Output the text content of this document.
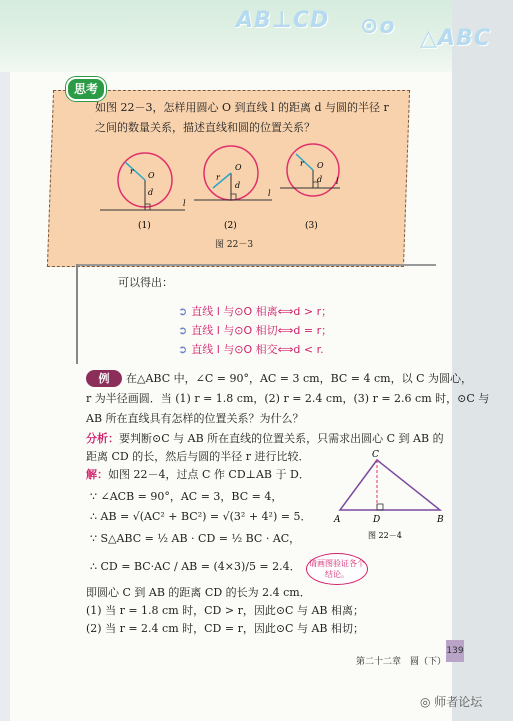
AB⊥CD ⊙o △ABC
思考
如图 22－3，怎样用圆心 O 到直线 l 的距离 d 与圆的半径 r 之间的数量关系，描述直线和圆的位置关系？
O
r
d
l
(1)
O
r
d
l
(2)
O
r
d l
(3)
图 22－3
可以得出：
➲ 直线 l 与⊙O 相离⟺d > r；
➲ 直线 l 与⊙O 相切⟺d = r；
➲ 直线 l 与⊙O 相交⟺d < r.
例	在△ABC 中，∠C = 90°，AC = 3 cm，BC = 4 cm，以 C 为圆心，
r 为半径画圆．当 (1) r = 1.8 cm，(2) r = 2.4 cm，(3) r = 2.6 cm 时，⊙C 与
AB 所在直线具有怎样的位置关系？为什么？
分析：要判断⊙C 与 AB 所在直线的位置关系，只需求出圆心 C 到 AB 的
距离 CD 的长，然后与圆的半径 r 进行比较．
解：如图 22－4，过点 C 作 CD⊥AB 于 D．
∵ ∠ACB = 90°，AC = 3，BC = 4，
∴ AB = √(AC² + BC²) = √(3² + 4²) = 5．
∵ S△ABC = ½ AB · CD = ½ BC · AC，
∴ CD = BC·AC / AB = (4×3)/5 = 2.4．
即圆心 C 到 AB 的距离 CD 的长为 2.4 cm．
(1) 当 r = 1.8 cm 时，CD > r，因此⊙C 与 AB 相离；
(2) 当 r = 2.4 cm 时，CD = r，因此⊙C 与 AB 相切；
A	B
C
D
图 22－4
请画图验证各个结论。
第二十二章　圆（下）
139
◎ 师者论坛
